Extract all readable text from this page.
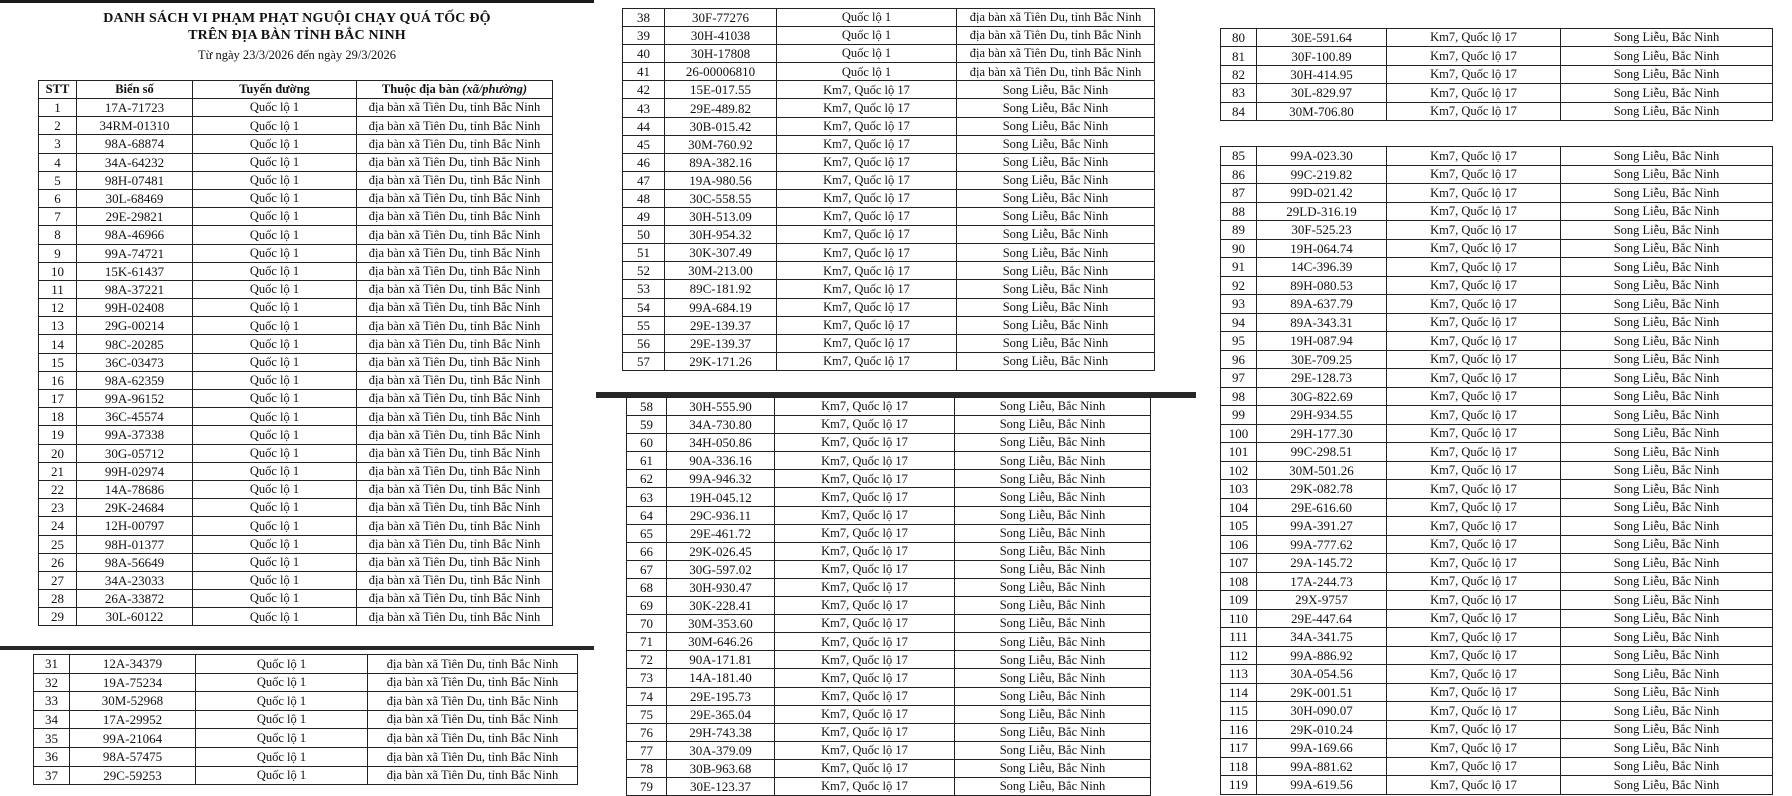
DANH SÁCH VI PHẠM PHẠT NGUỘI CHẠY QUÁ TỐC ĐỘ
TRÊN ĐỊA BÀN TỈNH BẮC NINH
Từ ngày 23/3/2026 đến ngày 29/3/2026
STT	Biển số	Tuyến đường	Thuộc địa bàn (xã/phường)
1	17A-71723	Quốc lộ 1	địa bàn xã Tiên Du, tỉnh Bắc Ninh
2	34RM-01310	Quốc lộ 1	địa bàn xã Tiên Du, tỉnh Bắc Ninh
3	98A-68874	Quốc lộ 1	địa bàn xã Tiên Du, tỉnh Bắc Ninh
4	34A-64232	Quốc lộ 1	địa bàn xã Tiên Du, tỉnh Bắc Ninh
5	98H-07481	Quốc lộ 1	địa bàn xã Tiên Du, tỉnh Bắc Ninh
6	30L-68469	Quốc lộ 1	địa bàn xã Tiên Du, tỉnh Bắc Ninh
7	29E-29821	Quốc lộ 1	địa bàn xã Tiên Du, tỉnh Bắc Ninh
8	98A-46966	Quốc lộ 1	địa bàn xã Tiên Du, tỉnh Bắc Ninh
9	99A-74721	Quốc lộ 1	địa bàn xã Tiên Du, tỉnh Bắc Ninh
10	15K-61437	Quốc lộ 1	địa bàn xã Tiên Du, tỉnh Bắc Ninh
11	98A-37221	Quốc lộ 1	địa bàn xã Tiên Du, tỉnh Bắc Ninh
12	99H-02408	Quốc lộ 1	địa bàn xã Tiên Du, tỉnh Bắc Ninh
13	29G-00214	Quốc lộ 1	địa bàn xã Tiên Du, tỉnh Bắc Ninh
14	98C-20285	Quốc lộ 1	địa bàn xã Tiên Du, tỉnh Bắc Ninh
15	36C-03473	Quốc lộ 1	địa bàn xã Tiên Du, tỉnh Bắc Ninh
16	98A-62359	Quốc lộ 1	địa bàn xã Tiên Du, tỉnh Bắc Ninh
17	99A-96152	Quốc lộ 1	địa bàn xã Tiên Du, tỉnh Bắc Ninh
18	36C-45574	Quốc lộ 1	địa bàn xã Tiên Du, tỉnh Bắc Ninh
19	99A-37338	Quốc lộ 1	địa bàn xã Tiên Du, tỉnh Bắc Ninh
20	30G-05712	Quốc lộ 1	địa bàn xã Tiên Du, tỉnh Bắc Ninh
21	99H-02974	Quốc lộ 1	địa bàn xã Tiên Du, tỉnh Bắc Ninh
22	14A-78686	Quốc lộ 1	địa bàn xã Tiên Du, tỉnh Bắc Ninh
23	29K-24684	Quốc lộ 1	địa bàn xã Tiên Du, tỉnh Bắc Ninh
24	12H-00797	Quốc lộ 1	địa bàn xã Tiên Du, tỉnh Bắc Ninh
25	98H-01377	Quốc lộ 1	địa bàn xã Tiên Du, tỉnh Bắc Ninh
26	98A-56649	Quốc lộ 1	địa bàn xã Tiên Du, tỉnh Bắc Ninh
27	34A-23033	Quốc lộ 1	địa bàn xã Tiên Du, tỉnh Bắc Ninh
28	26A-33872	Quốc lộ 1	địa bàn xã Tiên Du, tỉnh Bắc Ninh
29	30L-60122	Quốc lộ 1	địa bàn xã Tiên Du, tỉnh Bắc Ninh
31	12A-34379	Quốc lộ 1	địa bàn xã Tiên Du, tỉnh Bắc Ninh
32	19A-75234	Quốc lộ 1	địa bàn xã Tiên Du, tỉnh Bắc Ninh
33	30M-52968	Quốc lộ 1	địa bàn xã Tiên Du, tỉnh Bắc Ninh
34	17A-29952	Quốc lộ 1	địa bàn xã Tiên Du, tỉnh Bắc Ninh
35	99A-21064	Quốc lộ 1	địa bàn xã Tiên Du, tỉnh Bắc Ninh
36	98A-57475	Quốc lộ 1	địa bàn xã Tiên Du, tỉnh Bắc Ninh
37	29C-59253	Quốc lộ 1	địa bàn xã Tiên Du, tỉnh Bắc Ninh
38	30F-77276	Quốc lộ 1	địa bàn xã Tiên Du, tỉnh Bắc Ninh
39	30H-41038	Quốc lộ 1	địa bàn xã Tiên Du, tỉnh Bắc Ninh
40	30H-17808	Quốc lộ 1	địa bàn xã Tiên Du, tỉnh Bắc Ninh
41	26-00006810	Quốc lộ 1	địa bàn xã Tiên Du, tỉnh Bắc Ninh
42	15E-017.55	Km7, Quốc lộ 17	Song Liễu, Bắc Ninh
43	29E-489.82	Km7, Quốc lộ 17	Song Liễu, Bắc Ninh
44	30B-015.42	Km7, Quốc lộ 17	Song Liễu, Bắc Ninh
45	30M-760.92	Km7, Quốc lộ 17	Song Liễu, Bắc Ninh
46	89A-382.16	Km7, Quốc lộ 17	Song Liễu, Bắc Ninh
47	19A-980.56	Km7, Quốc lộ 17	Song Liễu, Bắc Ninh
48	30C-558.55	Km7, Quốc lộ 17	Song Liễu, Bắc Ninh
49	30H-513.09	Km7, Quốc lộ 17	Song Liễu, Bắc Ninh
50	30H-954.32	Km7, Quốc lộ 17	Song Liễu, Bắc Ninh
51	30K-307.49	Km7, Quốc lộ 17	Song Liễu, Bắc Ninh
52	30M-213.00	Km7, Quốc lộ 17	Song Liễu, Bắc Ninh
53	89C-181.92	Km7, Quốc lộ 17	Song Liễu, Bắc Ninh
54	99A-684.19	Km7, Quốc lộ 17	Song Liễu, Bắc Ninh
55	29E-139.37	Km7, Quốc lộ 17	Song Liễu, Bắc Ninh
56	29E-139.37	Km7, Quốc lộ 17	Song Liễu, Bắc Ninh
57	29K-171.26	Km7, Quốc lộ 17	Song Liễu, Bắc Ninh
58	30H-555.90	Km7, Quốc lộ 17	Song Liễu, Bắc Ninh
59	34A-730.80	Km7, Quốc lộ 17	Song Liễu, Bắc Ninh
60	34H-050.86	Km7, Quốc lộ 17	Song Liễu, Bắc Ninh
61	90A-336.16	Km7, Quốc lộ 17	Song Liễu, Bắc Ninh
62	99A-946.32	Km7, Quốc lộ 17	Song Liễu, Bắc Ninh
63	19H-045.12	Km7, Quốc lộ 17	Song Liễu, Bắc Ninh
64	29C-936.11	Km7, Quốc lộ 17	Song Liễu, Bắc Ninh
65	29E-461.72	Km7, Quốc lộ 17	Song Liễu, Bắc Ninh
66	29K-026.45	Km7, Quốc lộ 17	Song Liễu, Bắc Ninh
67	30G-597.02	Km7, Quốc lộ 17	Song Liễu, Bắc Ninh
68	30H-930.47	Km7, Quốc lộ 17	Song Liễu, Bắc Ninh
69	30K-228.41	Km7, Quốc lộ 17	Song Liễu, Bắc Ninh
70	30M-353.60	Km7, Quốc lộ 17	Song Liễu, Bắc Ninh
71	30M-646.26	Km7, Quốc lộ 17	Song Liễu, Bắc Ninh
72	90A-171.81	Km7, Quốc lộ 17	Song Liễu, Bắc Ninh
73	14A-181.40	Km7, Quốc lộ 17	Song Liễu, Bắc Ninh
74	29E-195.73	Km7, Quốc lộ 17	Song Liễu, Bắc Ninh
75	29E-365.04	Km7, Quốc lộ 17	Song Liễu, Bắc Ninh
76	29H-743.38	Km7, Quốc lộ 17	Song Liễu, Bắc Ninh
77	30A-379.09	Km7, Quốc lộ 17	Song Liễu, Bắc Ninh
78	30B-963.68	Km7, Quốc lộ 17	Song Liễu, Bắc Ninh
79	30E-123.37	Km7, Quốc lộ 17	Song Liễu, Bắc Ninh
80	30E-591.64	Km7, Quốc lộ 17	Song Liễu, Bắc Ninh
81	30F-100.89	Km7, Quốc lộ 17	Song Liễu, Bắc Ninh
82	30H-414.95	Km7, Quốc lộ 17	Song Liễu, Bắc Ninh
83	30L-829.97	Km7, Quốc lộ 17	Song Liễu, Bắc Ninh
84	30M-706.80	Km7, Quốc lộ 17	Song Liễu, Bắc Ninh
85	99A-023.30	Km7, Quốc lộ 17	Song Liễu, Bắc Ninh
86	99C-219.82	Km7, Quốc lộ 17	Song Liễu, Bắc Ninh
87	99D-021.42	Km7, Quốc lộ 17	Song Liễu, Bắc Ninh
88	29LD-316.19	Km7, Quốc lộ 17	Song Liễu, Bắc Ninh
89	30F-525.23	Km7, Quốc lộ 17	Song Liễu, Bắc Ninh
90	19H-064.74	Km7, Quốc lộ 17	Song Liễu, Bắc Ninh
91	14C-396.39	Km7, Quốc lộ 17	Song Liễu, Bắc Ninh
92	89H-080.53	Km7, Quốc lộ 17	Song Liễu, Bắc Ninh
93	89A-637.79	Km7, Quốc lộ 17	Song Liễu, Bắc Ninh
94	89A-343.31	Km7, Quốc lộ 17	Song Liễu, Bắc Ninh
95	19H-087.94	Km7, Quốc lộ 17	Song Liễu, Bắc Ninh
96	30E-709.25	Km7, Quốc lộ 17	Song Liễu, Bắc Ninh
97	29E-128.73	Km7, Quốc lộ 17	Song Liễu, Bắc Ninh
98	30G-822.69	Km7, Quốc lộ 17	Song Liễu, Bắc Ninh
99	29H-934.55	Km7, Quốc lộ 17	Song Liễu, Bắc Ninh
100	29H-177.30	Km7, Quốc lộ 17	Song Liễu, Bắc Ninh
101	99C-298.51	Km7, Quốc lộ 17	Song Liễu, Bắc Ninh
102	30M-501.26	Km7, Quốc lộ 17	Song Liễu, Bắc Ninh
103	29K-082.78	Km7, Quốc lộ 17	Song Liễu, Bắc Ninh
104	29E-616.60	Km7, Quốc lộ 17	Song Liễu, Bắc Ninh
105	99A-391.27	Km7, Quốc lộ 17	Song Liễu, Bắc Ninh
106	99A-777.62	Km7, Quốc lộ 17	Song Liễu, Bắc Ninh
107	29A-145.72	Km7, Quốc lộ 17	Song Liễu, Bắc Ninh
108	17A-244.73	Km7, Quốc lộ 17	Song Liễu, Bắc Ninh
109	29X-9757	Km7, Quốc lộ 17	Song Liễu, Bắc Ninh
110	29E-447.64	Km7, Quốc lộ 17	Song Liễu, Bắc Ninh
111	34A-341.75	Km7, Quốc lộ 17	Song Liễu, Bắc Ninh
112	99A-886.92	Km7, Quốc lộ 17	Song Liễu, Bắc Ninh
113	30A-054.56	Km7, Quốc lộ 17	Song Liễu, Bắc Ninh
114	29K-001.51	Km7, Quốc lộ 17	Song Liễu, Bắc Ninh
115	30H-090.07	Km7, Quốc lộ 17	Song Liễu, Bắc Ninh
116	29K-010.24	Km7, Quốc lộ 17	Song Liễu, Bắc Ninh
117	99A-169.66	Km7, Quốc lộ 17	Song Liễu, Bắc Ninh
118	99A-881.62	Km7, Quốc lộ 17	Song Liễu, Bắc Ninh
119	99A-619.56	Km7, Quốc lộ 17	Song Liễu, Bắc Ninh
